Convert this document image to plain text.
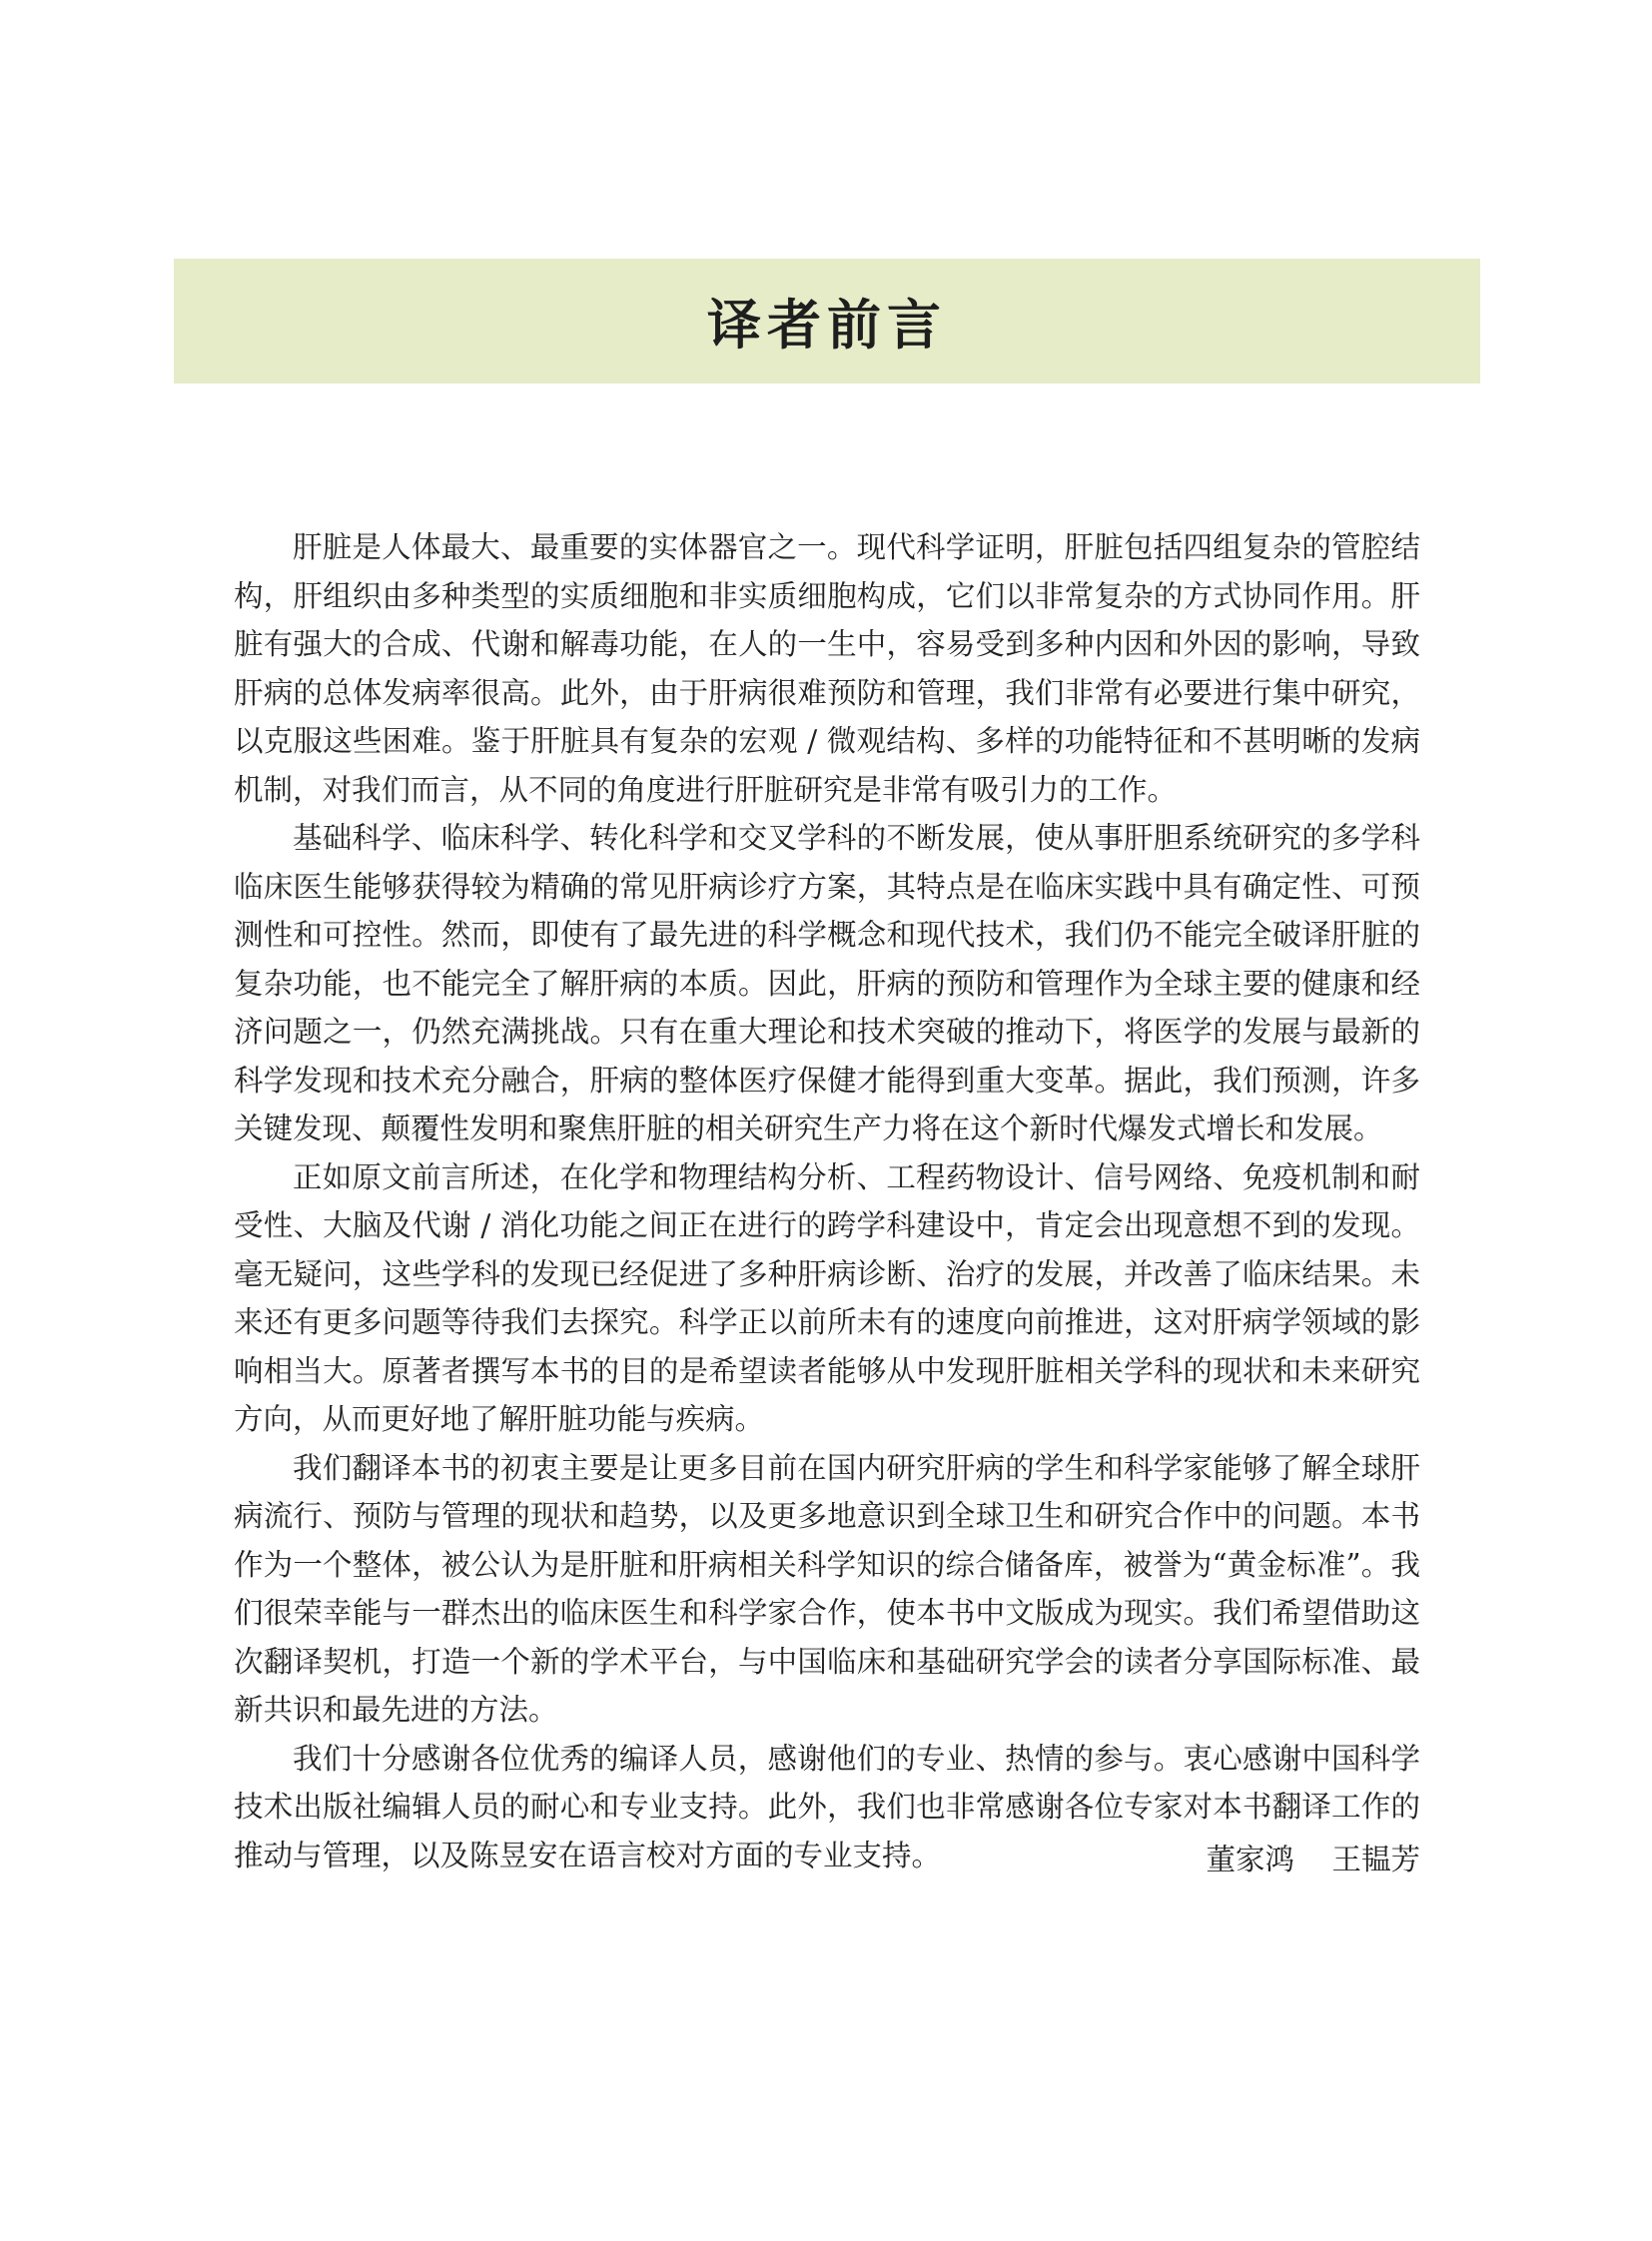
译者前言

肝脏是人体最大、最重要的实体器官之一。现代科学证明，肝脏包括四组复杂的管腔结构，肝组织由多种类型的实质细胞和非实质细胞构成，它们以非常复杂的方式协同作用。肝脏有强大的合成、代谢和解毒功能，在人的一生中，容易受到多种内因和外因的影响，导致肝病的总体发病率很高。此外，由于肝病很难预防和管理，我们非常有必要进行集中研究，以克服这些困难。鉴于肝脏具有复杂的宏观 / 微观结构、多样的功能特征和不甚明晰的发病机制，对我们而言，从不同的角度进行肝脏研究是非常有吸引力的工作。

基础科学、临床科学、转化科学和交叉学科的不断发展，使从事肝胆系统研究的多学科临床医生能够获得较为精确的常见肝病诊疗方案，其特点是在临床实践中具有确定性、可预测性和可控性。然而，即使有了最先进的科学概念和现代技术，我们仍不能完全破译肝脏的复杂功能，也不能完全了解肝病的本质。因此，肝病的预防和管理作为全球主要的健康和经济问题之一，仍然充满挑战。只有在重大理论和技术突破的推动下，将医学的发展与最新的科学发现和技术充分融合，肝病的整体医疗保健才能得到重大变革。据此，我们预测，许多关键发现、颠覆性发明和聚焦肝脏的相关研究生产力将在这个新时代爆发式增长和发展。

正如原文前言所述，在化学和物理结构分析、工程药物设计、信号网络、免疫机制和耐受性、大脑及代谢 / 消化功能之间正在进行的跨学科建设中，肯定会出现意想不到的发现。毫无疑问，这些学科的发现已经促进了多种肝病诊断、治疗的发展，并改善了临床结果。未来还有更多问题等待我们去探究。科学正以前所未有的速度向前推进，这对肝病学领域的影响相当大。原著者撰写本书的目的是希望读者能够从中发现肝脏相关学科的现状和未来研究方向，从而更好地了解肝脏功能与疾病。

我们翻译本书的初衷主要是让更多目前在国内研究肝病的学生和科学家能够了解全球肝病流行、预防与管理的现状和趋势，以及更多地意识到全球卫生和研究合作中的问题。本书作为一个整体，被公认为是肝脏和肝病相关科学知识的综合储备库，被誉为“黄金标准”。我们很荣幸能与一群杰出的临床医生和科学家合作，使本书中文版成为现实。我们希望借助这次翻译契机，打造一个新的学术平台，与中国临床和基础研究学会的读者分享国际标准、最新共识和最先进的方法。

我们十分感谢各位优秀的编译人员，感谢他们的专业、热情的参与。衷心感谢中国科学技术出版社编辑人员的耐心和专业支持。此外，我们也非常感谢各位专家对本书翻译工作的推动与管理，以及陈昱安在语言校对方面的专业支持。	董家鸿    王韫芳
